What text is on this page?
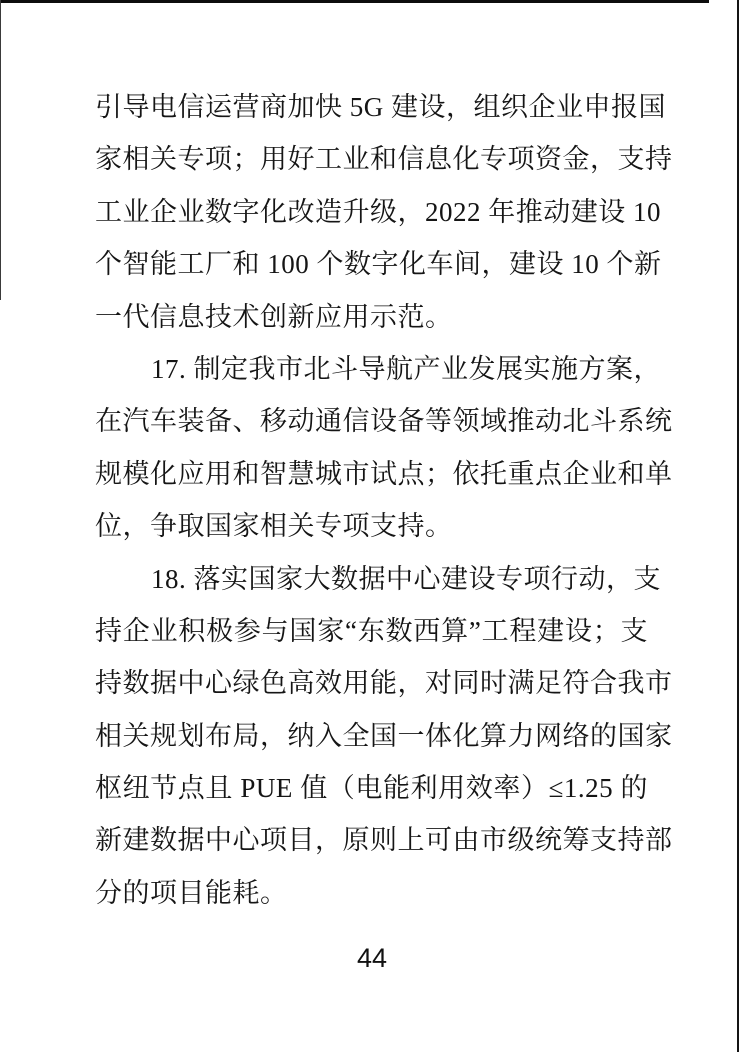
引导电信运营商加快 5G 建设，组织企业申报国
家相关专项；用好工业和信息化专项资金，支持
工业企业数字化改造升级，2022 年推动建设 10
个智能工厂和 100 个数字化车间，建设 10 个新
一代信息技术创新应用示范。
17. 制定我市北斗导航产业发展实施方案，
在汽车装备、移动通信设备等领域推动北斗系统
规模化应用和智慧城市试点；依托重点企业和单
位，争取国家相关专项支持。
18. 落实国家大数据中心建设专项行动，支
持企业积极参与国家“东数西算”工程建设；支
持数据中心绿色高效用能，对同时满足符合我市
相关规划布局，纳入全国一体化算力网络的国家
枢纽节点且 PUE 值（电能利用效率）≤1.25 的
新建数据中心项目，原则上可由市级统筹支持部
分的项目能耗。
44
